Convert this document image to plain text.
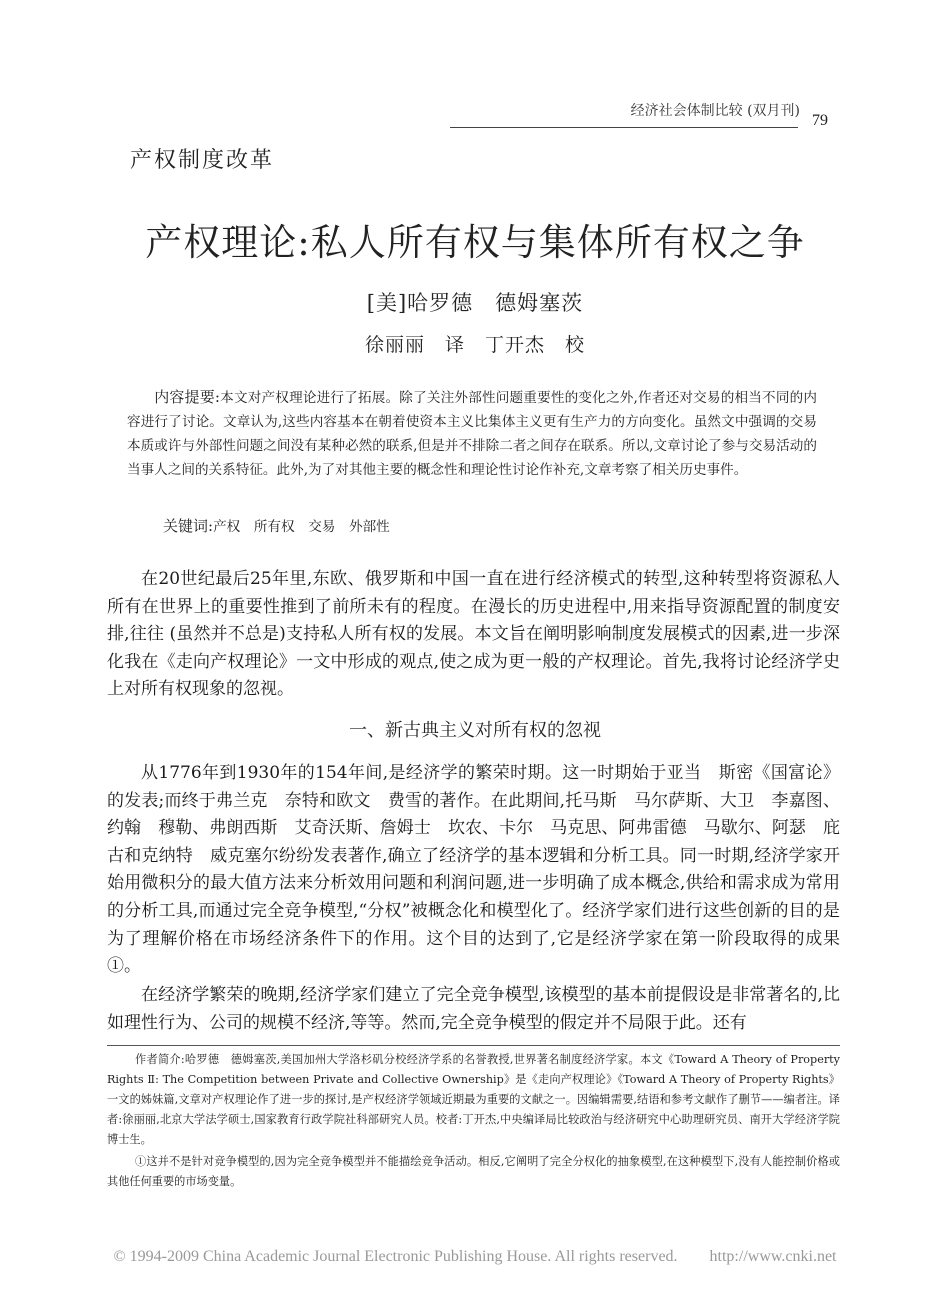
经济社会体制比较 (双月刊)
79
产权制度改革
产权理论:私人所有权与集体所有权之争
[美]哈罗德　德姆塞茨
徐丽丽　译　丁开杰　校
内容提要:本文对产权理论进行了拓展。除了关注外部性问题重要性的变化之外,作者还对交易的相当不同的内容进行了讨论。文章认为,这些内容基本在朝着使资本主义比集体主义更有生产力的方向变化。虽然文中强调的交易本质或许与外部性问题之间没有某种必然的联系,但是并不排除二者之间存在联系。所以,文章讨论了参与交易活动的当事人之间的关系特征。此外,为了对其他主要的概念性和理论性讨论作补充,文章考察了相关历史事件。
关键词:产权　所有权　交易　外部性
在20世纪最后25年里,东欧、俄罗斯和中国一直在进行经济模式的转型,这种转型将资源私人所有在世界上的重要性推到了前所未有的程度。在漫长的历史进程中,用来指导资源配置的制度安排,往往 (虽然并不总是)支持私人所有权的发展。本文旨在阐明影响制度发展模式的因素,进一步深化我在《走向产权理论》一文中形成的观点,使之成为更一般的产权理论。首先,我将讨论经济学史上对所有权现象的忽视。
一、新古典主义对所有权的忽视
从1776年到1930年的154年间,是经济学的繁荣时期。这一时期始于亚当　斯密《国富论》的发表;而终于弗兰克　奈特和欧文　费雪的著作。在此期间,托马斯　马尔萨斯、大卫　李嘉图、约翰　穆勒、弗朗西斯　艾奇沃斯、詹姆士　坎农、卡尔　马克思、阿弗雷德　马歇尔、阿瑟　庇古和克纳特　威克塞尔纷纷发表著作,确立了经济学的基本逻辑和分析工具。同一时期,经济学家开始用微积分的最大值方法来分析效用问题和利润问题,进一步明确了成本概念,供给和需求成为常用的分析工具,而通过完全竞争模型,“分权”被概念化和模型化了。经济学家们进行这些创新的目的是为了理解价格在市场经济条件下的作用。这个目的达到了,它是经济学家在第一阶段取得的成果①。
在经济学繁荣的晚期,经济学家们建立了完全竞争模型,该模型的基本前提假设是非常著名的,比如理性行为、公司的规模不经济,等等。然而,完全竞争模型的假定并不局限于此。还有
作者简介:哈罗德　德姆塞茨,美国加州大学洛杉矶分校经济学系的名誉教授,世界著名制度经济学家。本文《Toward A Theory of Property Rights Ⅱ: The Competition between Private and Collective Ownership》是《走向产权理论》《Toward A Theory of Property Rights》一文的姊妹篇,文章对产权理论作了进一步的探讨,是产权经济学领域近期最为重要的文献之一。因编辑需要,结语和参考文献作了删节——编者注。译者:徐丽丽,北京大学法学硕士,国家教育行政学院社科部研究人员。校者:丁开杰,中央编译局比较政治与经济研究中心助理研究员、南开大学经济学院博士生。
①这并不是针对竞争模型的,因为完全竞争模型并不能描绘竞争活动。相反,它阐明了完全分权化的抽象模型,在这种模型下,没有人能控制价格或其他任何重要的市场变量。
© 1994-2009 China Academic Journal Electronic Publishing House. All rights reserved.　　http://www.cnki.net
